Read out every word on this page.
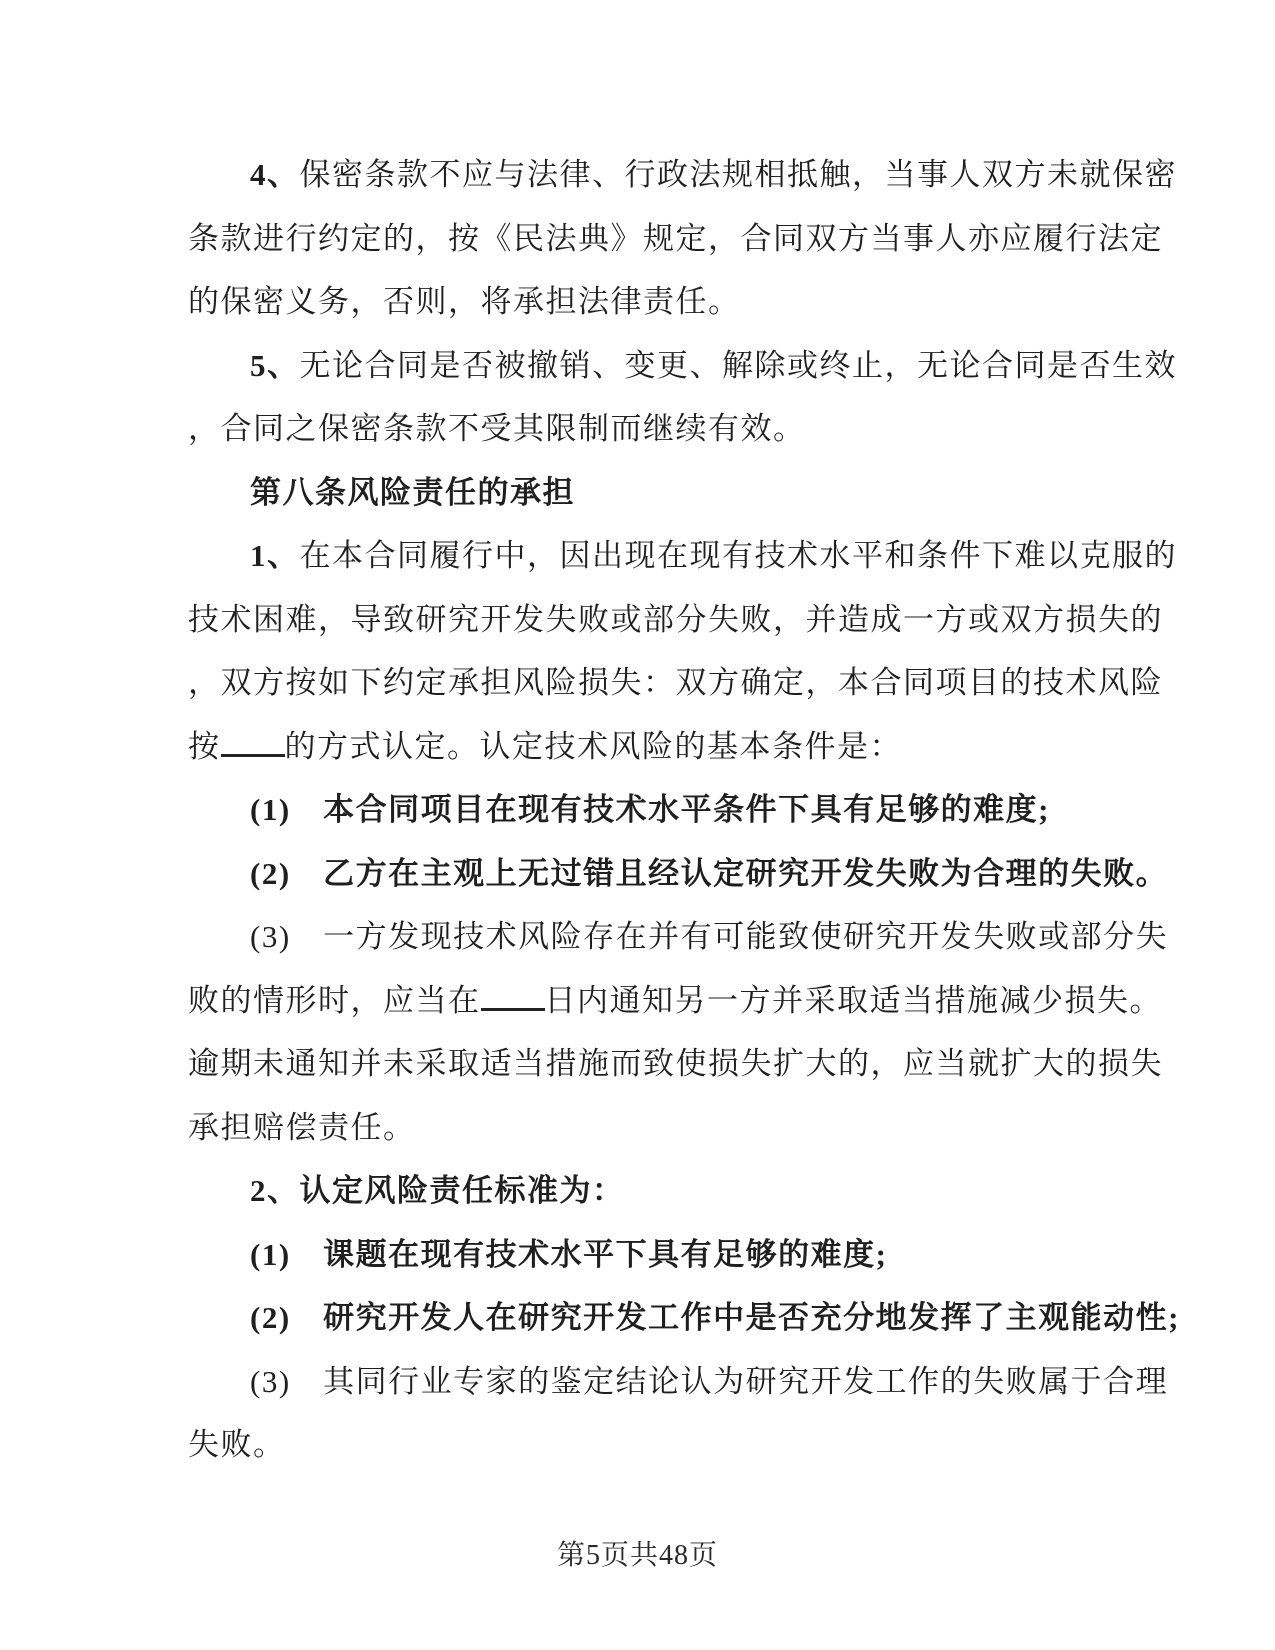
4、保密条款不应与法律、行政法规相抵触，当事人双方未就保密
条款进行约定的，按《民法典》规定，合同双方当事人亦应履行法定
的保密义务，否则，将承担法律责任。
5、无论合同是否被撤销、变更、解除或终止，无论合同是否生效
，合同之保密条款不受其限制而继续有效。
第八条风险责任的承担
1、在本合同履行中，因出现在现有技术水平和条件下难以克服的
技术困难，导致研究开发失败或部分失败，并造成一方或双方损失的
，双方按如下约定承担风险损失：双方确定，本合同项目的技术风险
按 的方式认定。认定技术风险的基本条件是：
(1)　本合同项目在现有技术水平条件下具有足够的难度;
(2)　乙方在主观上无过错且经认定研究开发失败为合理的失败。
(3)　一方发现技术风险存在并有可能致使研究开发失败或部分失
败的情形时，应当在 日内通知另一方并采取适当措施减少损失。
逾期未通知并未采取适当措施而致使损失扩大的，应当就扩大的损失
承担赔偿责任。
2、认定风险责任标准为：
(1)　课题在现有技术水平下具有足够的难度;
(2)　研究开发人在研究开发工作中是否充分地发挥了主观能动性;
(3)　其同行业专家的鉴定结论认为研究开发工作的失败属于合理
失败。
第5页共48页
